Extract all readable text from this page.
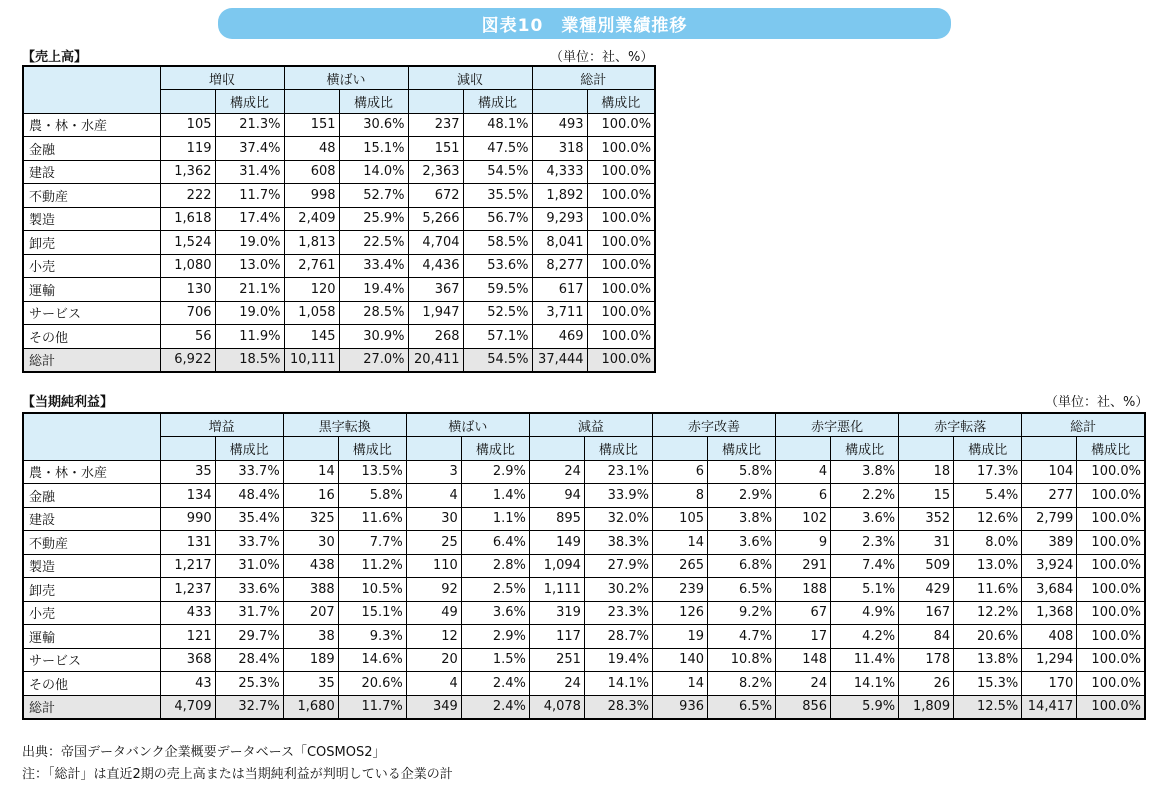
図表10　業種別業績推移
【売上高】	（単位：社、%）
	増収		横ばい		減収		総計	
		構成比		構成比		構成比		構成比
農・林・水産	105	21.3%	151	30.6%	237	48.1%	493	100.0%
金融	119	37.4%	48	15.1%	151	47.5%	318	100.0%
建設	1,362	31.4%	608	14.0%	2,363	54.5%	4,333	100.0%
不動産	222	11.7%	998	52.7%	672	35.5%	1,892	100.0%
製造	1,618	17.4%	2,409	25.9%	5,266	56.7%	9,293	100.0%
卸売	1,524	19.0%	1,813	22.5%	4,704	58.5%	8,041	100.0%
小売	1,080	13.0%	2,761	33.4%	4,436	53.6%	8,277	100.0%
運輸	130	21.1%	120	19.4%	367	59.5%	617	100.0%
サービス	706	19.0%	1,058	28.5%	1,947	52.5%	3,711	100.0%
その他	56	11.9%	145	30.9%	268	57.1%	469	100.0%
総計	6,922	18.5%	10,111	27.0%	20,411	54.5%	37,444	100.0%
【当期純利益】	（単位：社、%）
	増益		黒字転換		横ばい		減益		赤字改善		赤字悪化		赤字転落		総計	
		構成比		構成比		構成比		構成比		構成比		構成比		構成比		構成比
農・林・水産	35	33.7%	14	13.5%	3	2.9%	24	23.1%	6	5.8%	4	3.8%	18	17.3%	104	100.0%
金融	134	48.4%	16	5.8%	4	1.4%	94	33.9%	8	2.9%	6	2.2%	15	5.4%	277	100.0%
建設	990	35.4%	325	11.6%	30	1.1%	895	32.0%	105	3.8%	102	3.6%	352	12.6%	2,799	100.0%
不動産	131	33.7%	30	7.7%	25	6.4%	149	38.3%	14	3.6%	9	2.3%	31	8.0%	389	100.0%
製造	1,217	31.0%	438	11.2%	110	2.8%	1,094	27.9%	265	6.8%	291	7.4%	509	13.0%	3,924	100.0%
卸売	1,237	33.6%	388	10.5%	92	2.5%	1,111	30.2%	239	6.5%	188	5.1%	429	11.6%	3,684	100.0%
小売	433	31.7%	207	15.1%	49	3.6%	319	23.3%	126	9.2%	67	4.9%	167	12.2%	1,368	100.0%
運輸	121	29.7%	38	9.3%	12	2.9%	117	28.7%	19	4.7%	17	4.2%	84	20.6%	408	100.0%
サービス	368	28.4%	189	14.6%	20	1.5%	251	19.4%	140	10.8%	148	11.4%	178	13.8%	1,294	100.0%
その他	43	25.3%	35	20.6%	4	2.4%	24	14.1%	14	8.2%	24	14.1%	26	15.3%	170	100.0%
総計	4,709	32.7%	1,680	11.7%	349	2.4%	4,078	28.3%	936	6.5%	856	5.9%	1,809	12.5%	14,417	100.0%
出典：帝国データバンク企業概要データベース「COSMOS2」
注：「総計」は直近2期の売上高または当期純利益が判明している企業の計
